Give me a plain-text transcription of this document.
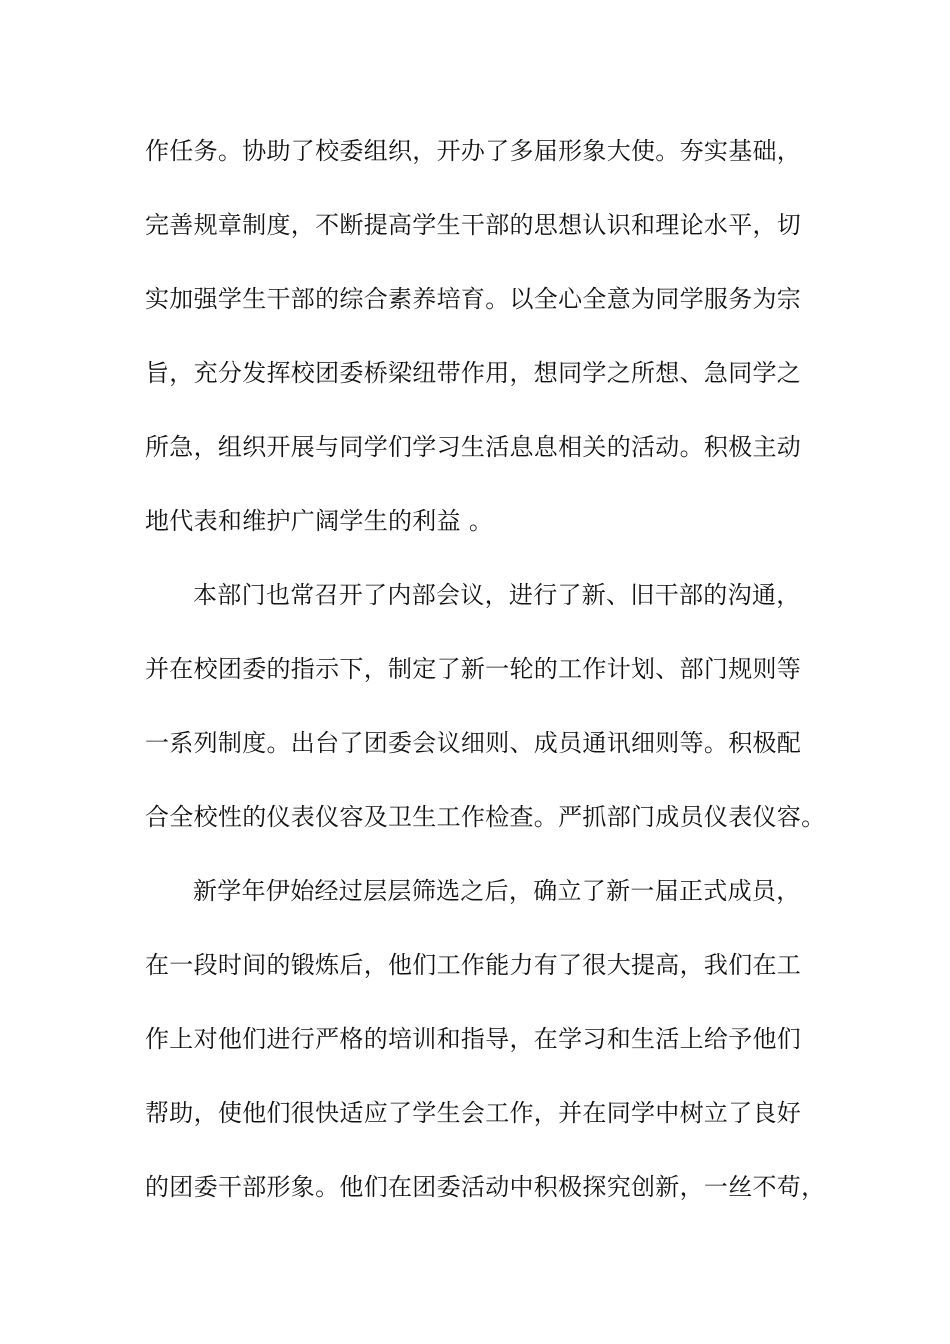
作任务。协助了校委组织，开办了多届形象大使。夯实基础，
完善规章制度，不断提高学生干部的思想认识和理论水平，切
实加强学生干部的综合素养培育。以全心全意为同学服务为宗
旨，充分发挥校团委桥梁纽带作用，想同学之所想、急同学之
所急，组织开展与同学们学习生活息息相关的活动。积极主动
地代表和维护广阔学生的利益 。
本部门也常召开了内部会议，进行了新、旧干部的沟通，
并在校团委的指示下，制定了新一轮的工作计划、部门规则等
一系列制度。出台了团委会议细则、成员通讯细则等。积极配
合全校性的仪表仪容及卫生工作检查。严抓部门成员仪表仪容。
新学年伊始经过层层筛选之后，确立了新一届正式成员，
在一段时间的锻炼后，他们工作能力有了很大提高，我们在工
作上对他们进行严格的培训和指导，在学习和生活上给予他们
帮助，使他们很快适应了学生会工作，并在同学中树立了良好
的团委干部形象。他们在团委活动中积极探究创新，一丝不苟，
